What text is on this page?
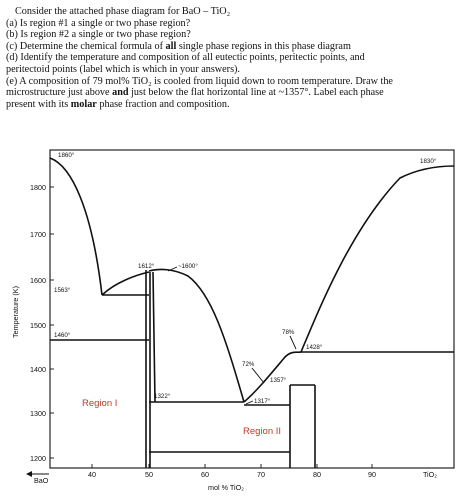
Consider the attached phase diagram for BaO – TiO₂
(a) Is region #1 a single or two phase region?
(b) Is region #2 a single or two phase region?
(c) Determine the chemical formula of all single phase regions in this phase diagram
(d) Identify the temperature and composition of all eutectic points, peritectic points, and
peritectoid points (label which is which in your answers).
(e) A composition of 79 mol% TiO₂ is cooled from liquid down to room temperature. Draw the
microstructure just above and just below the flat horizontal line at ~1357°. Label each phase
present with its molar phase fraction and composition.
Temperature (K)
1800
1700
1600
1500
1400
1300
1200
40	50	60	70	80	90	TiO₂
BaO
mol % TiO₂
1860°
1830°
1612°	~1600°
1563°
1460°	78%
1428°
72%
1357°
1322°
1317°
Region I
Region II
